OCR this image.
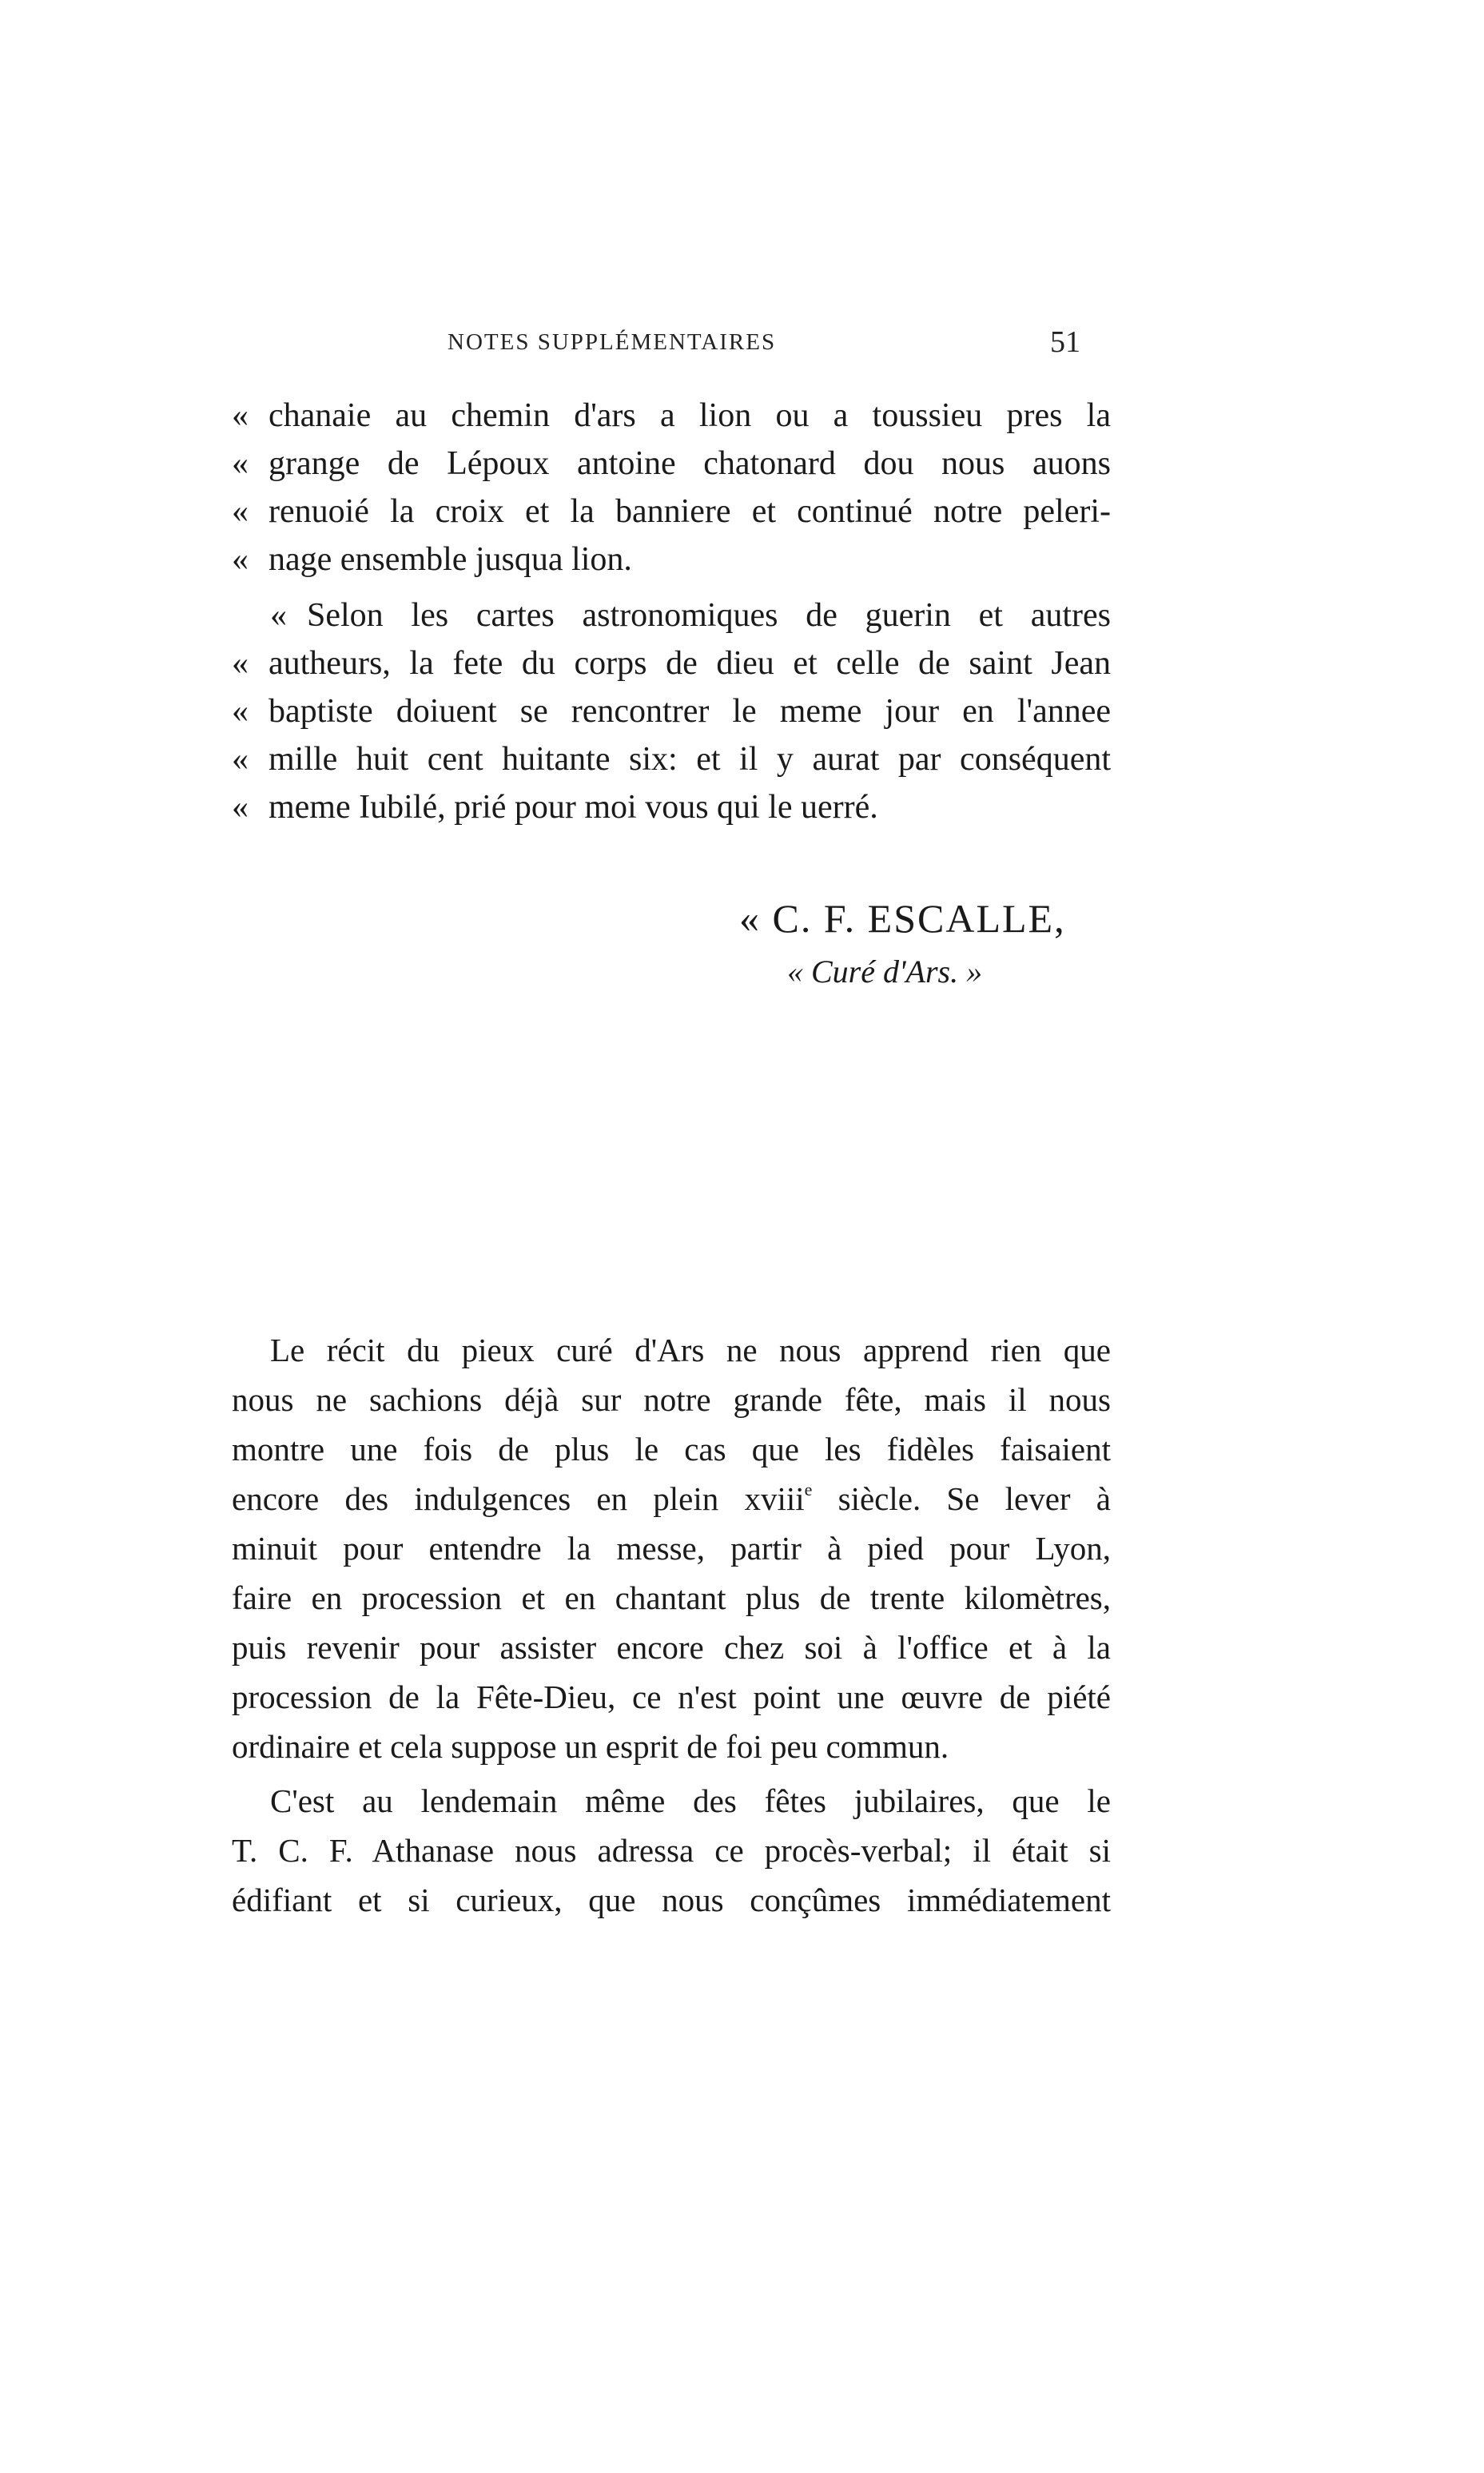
NOTES SUPPLÉMENTAIRES	51
« chanaie au chemin d'ars a lion ou a toussieu pres la
« grange de Lépoux antoine chatonard dou nous auons
« renuoié la croix et la banniere et continué notre peleri-
« nage ensemble jusqua lion.
« Selon les cartes astronomiques de guerin et autres
« autheurs, la fete du corps de dieu et celle de saint Jean
« baptiste doiuent se rencontrer le meme jour en l'annee
« mille huit cent huitante six: et il y aurat par conséquent
« meme Iubilé, prié pour moi vous qui le uerré.
« C. F. ESCALLE,
« Curé d'Ars. »
Le récit du pieux curé d'Ars ne nous apprend rien que
nous ne sachions déjà sur notre grande fête, mais il nous
montre une fois de plus le cas que les fidèles faisaient
encore des indulgences en plein xviii$^e$ siècle. Se lever à
minuit pour entendre la messe, partir à pied pour Lyon,
faire en procession et en chantant plus de trente kilomètres,
puis revenir pour assister encore chez soi à l'office et à la
procession de la Fête-Dieu, ce n'est point une œuvre de piété
ordinaire et cela suppose un esprit de foi peu commun.
C'est au lendemain même des fêtes jubilaires, que le
T. C. F. Athanase nous adressa ce procès-verbal; il était si
édifiant et si curieux, que nous conçûmes immédiatement
